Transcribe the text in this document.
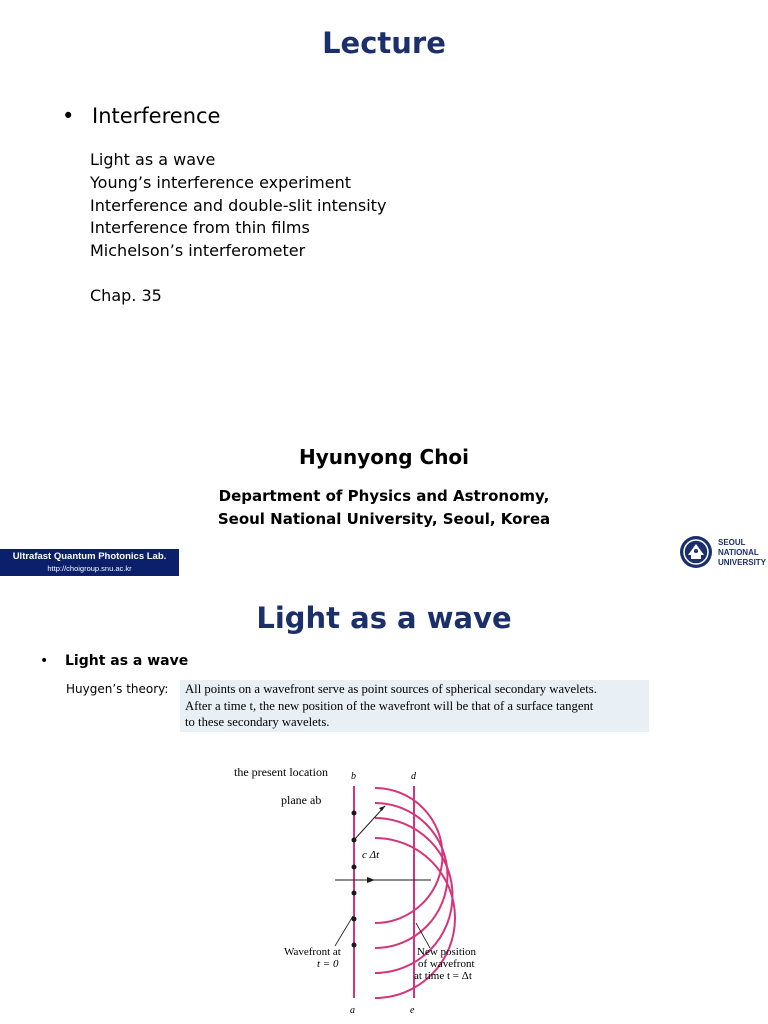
Lecture
• Interference
Light as a wave
Young’s interference experiment
Interference and double-slit intensity
Interference from thin films
Michelson’s interferometer
Chap. 35
Hyunyong Choi
Department of Physics and Astronomy,
Seoul National University, Seoul, Korea
Ultrafast Quantum Photonics Lab.
http://choigroup.snu.ac.kr
SEOUL
NATIONAL
UNIVERSITY
Light as a wave
• Light as a wave
Huygen’s theory: All points on a wavefront serve as point sources of spherical secondary wavelets.
After a time t, the new position of the wavefront will be that of a surface tangent
to these secondary wavelets.
the present location
plane ab
b	d
c Δt
Wavefront at
t = 0
New position
of wavefront
at time t = Δt
a	e
